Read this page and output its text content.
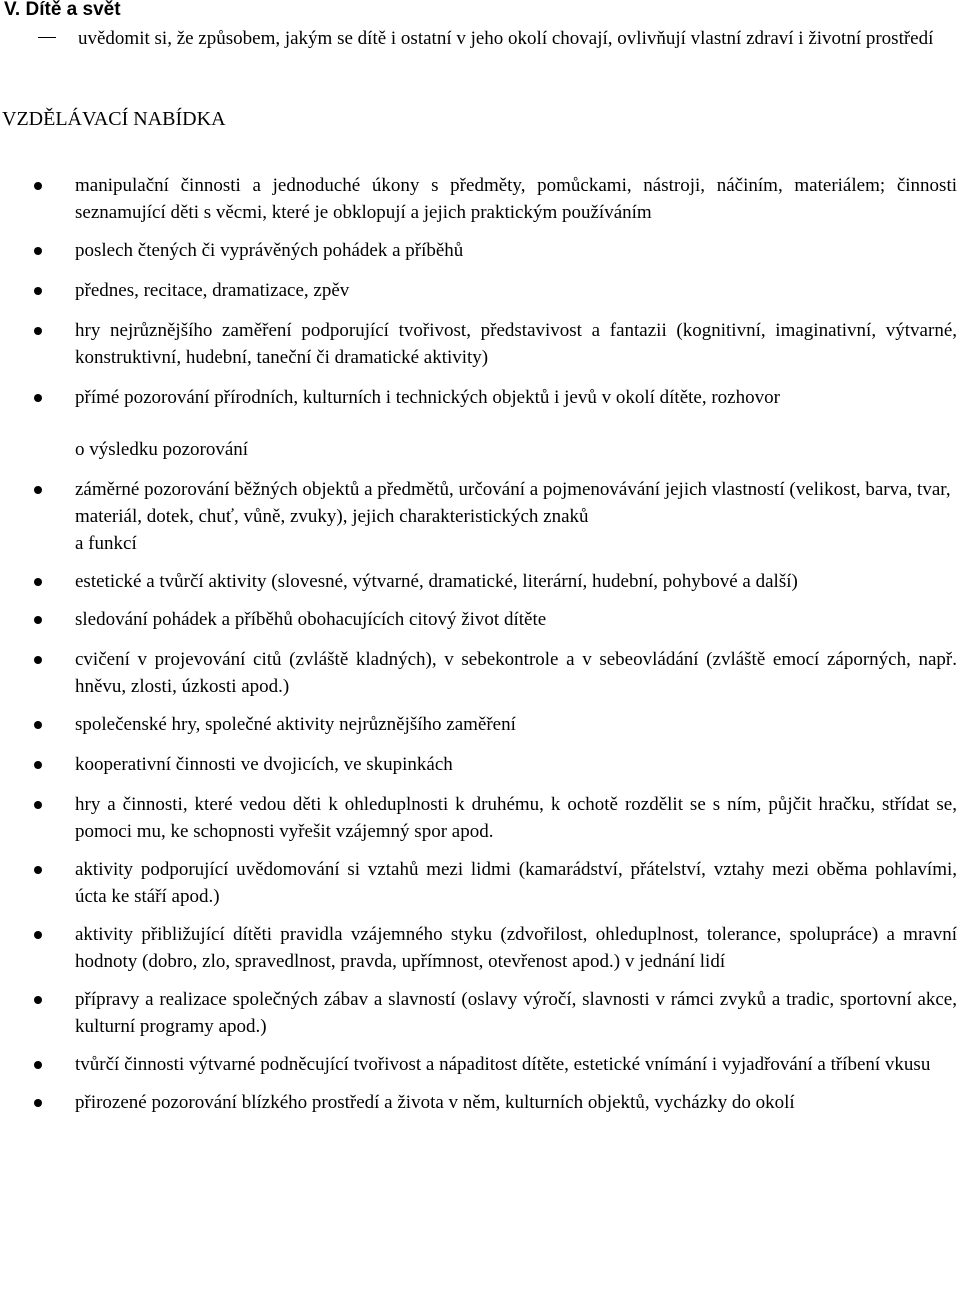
V. Dítě a svět
uvědomit si, že způsobem, jakým se dítě i ostatní v jeho okolí chovají, ovlivňují vlastní zdraví i životní prostředí
VZDĚLÁVACÍ NABÍDKA
manipulační činnosti a jednoduché úkony s předměty, pomůckami, nástroji, náčiním, materiálem; činnosti seznamující děti s věcmi, které je obklopují a jejich praktickým používáním
poslech čtených či vyprávěných pohádek a příběhů
přednes, recitace, dramatizace, zpěv
hry nejrůznějšího zaměření podporující tvořivost, představivost a fantazii (kognitivní, imaginativní, výtvarné, konstruktivní, hudební, taneční či dramatické aktivity)
přímé pozorování přírodních, kulturních i technických objektů i jevů v okolí dítěte, rozhovor
o výsledku pozorování
záměrné pozorování běžných objektů a předmětů, určování a pojmenovávání jejich vlastností (velikost, barva, tvar, materiál, dotek, chuť, vůně, zvuky), jejich charakteristických znaků
a funkcí
estetické a tvůrčí aktivity (slovesné, výtvarné, dramatické, literární, hudební, pohybové a další)
sledování pohádek a příběhů obohacujících citový život dítěte
cvičení v projevování citů (zvláště kladných), v sebekontrole a v sebeovládání (zvláště emocí záporných, např. hněvu, zlosti, úzkosti apod.)
společenské hry, společné aktivity nejrůznějšího zaměření
kooperativní činnosti ve dvojicích, ve skupinkách
hry a činnosti, které vedou děti k ohleduplnosti k druhému, k ochotě rozdělit se s ním, půjčit hračku, střídat se, pomoci mu, ke schopnosti vyřešit vzájemný spor apod.
aktivity podporující uvědomování si vztahů mezi lidmi (kamarádství, přátelství, vztahy mezi oběma pohlavími, úcta ke stáří apod.)
aktivity přibližující dítěti pravidla vzájemného styku (zdvořilost, ohleduplnost, tolerance, spolupráce) a mravní hodnoty (dobro, zlo, spravedlnost, pravda, upřímnost, otevřenost apod.) v jednání lidí
přípravy a realizace společných zábav a slavností (oslavy výročí, slavnosti v rámci zvyků a tradic, sportovní akce, kulturní programy apod.)
tvůrčí činnosti výtvarné podněcující tvořivost a nápaditost dítěte, estetické vnímání i vyjadřování a tříbení vkusu
přirozené pozorování blízkého prostředí a života v něm, kulturních objektů, vycházky do okolí
